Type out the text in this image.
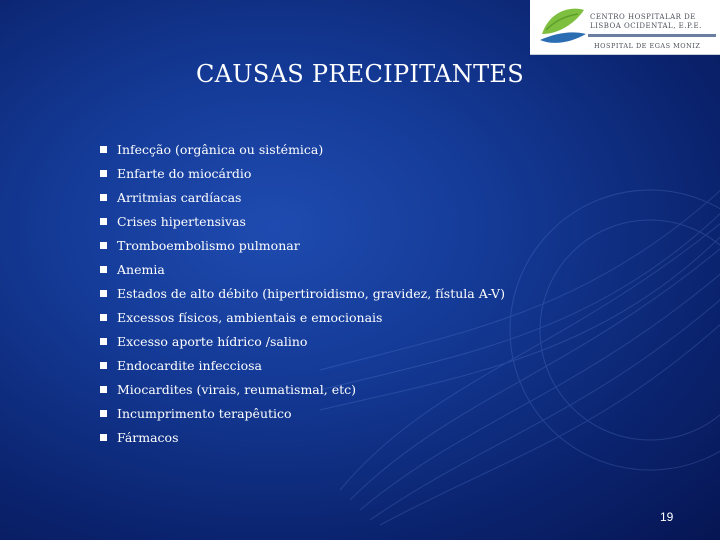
CENTRO HOSPITALAR DE
LISBOA OCIDENTAL, E.P.E.
HOSPITAL DE EGAS MONIZ
CAUSAS PRECIPITANTES
Infecção (orgânica ou sistémica)
Enfarte do miocárdio
Arritmias cardíacas
Crises hipertensivas
Tromboembolismo pulmonar
Anemia
Estados de alto débito (hipertiroidismo, gravidez, fístula A-V)
Excessos físicos, ambientais e emocionais
Excesso aporte hídrico /salino
Endocardite infecciosa
Miocardites (virais, reumatismal, etc)
Incumprimento terapêutico
Fármacos
19
